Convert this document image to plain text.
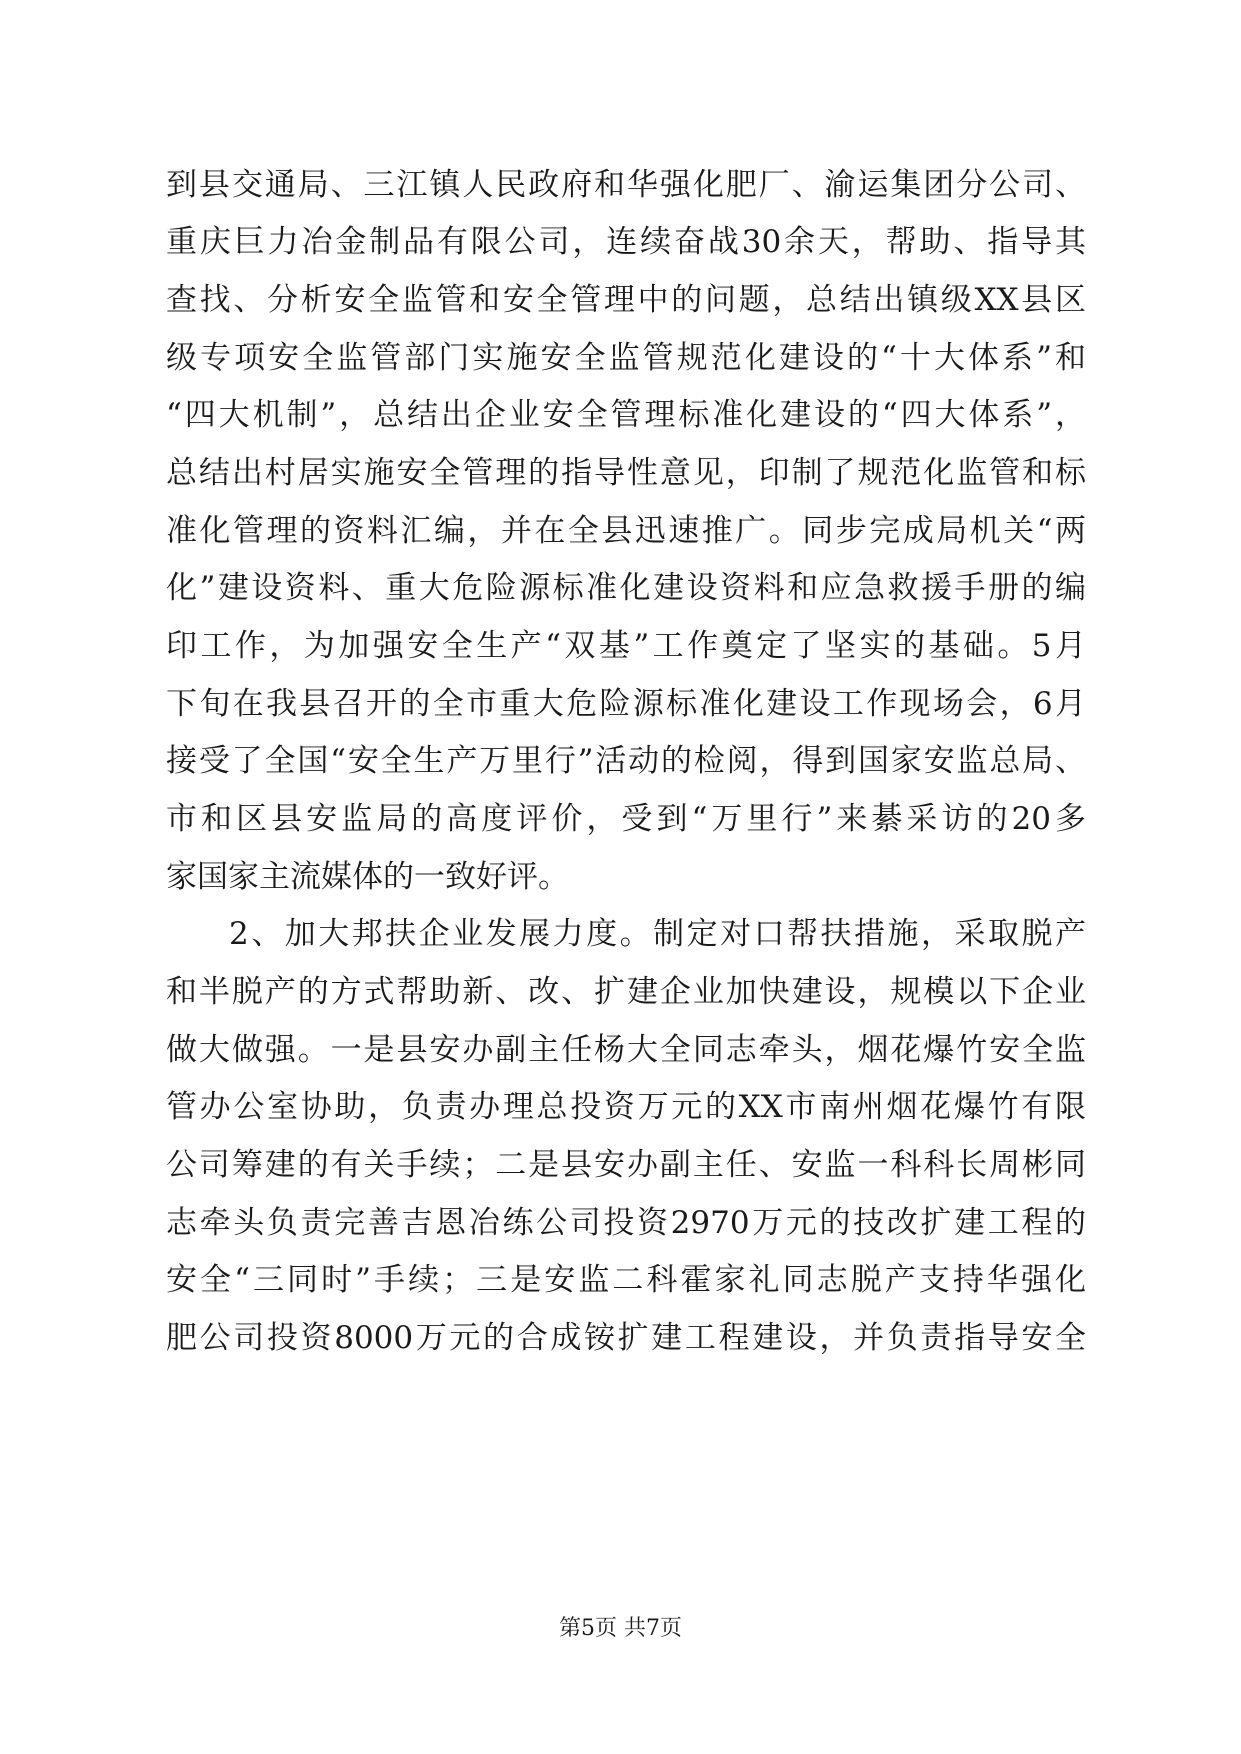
到县交通局、三江镇人民政府和华强化肥厂、渝运集团分公司、
重庆巨力冶金制品有限公司，连续奋战30余天，帮助、指导其
查找、分析安全监管和安全管理中的问题，总结出镇级XX县区
级专项安全监管部门实施安全监管规范化建设的“十大体系”和
“四大机制”，总结出企业安全管理标准化建设的“四大体系”，
总结出村居实施安全管理的指导性意见，印制了规范化监管和标
准化管理的资料汇编，并在全县迅速推广。同步完成局机关“两
化”建设资料、重大危险源标准化建设资料和应急救援手册的编
印工作，为加强安全生产“双基”工作奠定了坚实的基础。5月
下旬在我县召开的全市重大危险源标准化建设工作现场会，6月
接受了全国“安全生产万里行”活动的检阅，得到国家安监总局、
市和区县安监局的高度评价，受到“万里行”来綦采访的20多
家国家主流媒体的一致好评。
2、加大邦扶企业发展力度。制定对口帮扶措施，采取脱产
和半脱产的方式帮助新、改、扩建企业加快建设，规模以下企业
做大做强。一是县安办副主任杨大全同志牵头，烟花爆竹安全监
管办公室协助，负责办理总投资万元的XX市南州烟花爆竹有限
公司筹建的有关手续；二是县安办副主任、安监一科科长周彬同
志牵头负责完善吉恩冶练公司投资2970万元的技改扩建工程的
安全“三同时”手续；三是安监二科霍家礼同志脱产支持华强化
肥公司投资8000万元的合成铵扩建工程建设，并负责指导安全
第5页 共7页
